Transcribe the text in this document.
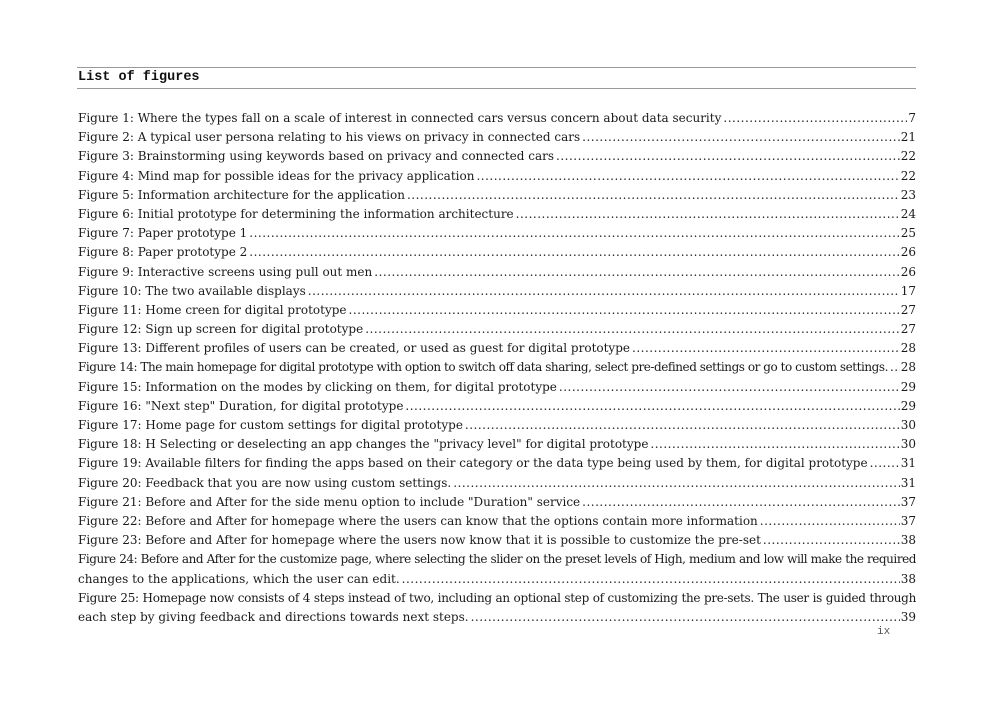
List of figures
Figure 1: Where the types fall on a scale of interest in connected cars versus concern about data security .....	7
Figure 2: A typical user persona relating to his views on privacy in connected cars .....	21
Figure 3: Brainstorming using keywords based on privacy and connected cars .....	22
Figure 4: Mind map for possible ideas for the privacy application .....	22
Figure 5: Information architecture for the application .....	23
Figure 6: Initial prototype for determining the information architecture .....	24
Figure 7: Paper prototype 1 .....	25
Figure 8: Paper prototype 2 .....	26
Figure 9: Interactive screens using pull out men .....	26
Figure 10: The two available displays .....	17
Figure 11: Home creen for digital prototype .....	27
Figure 12: Sign up screen for digital prototype .....	27
Figure 13: Different profiles of users can be created, or used as guest for digital prototype .....	28
Figure 14: The main homepage for digital prototype with option to switch off data sharing, select pre-defined settings or go to custom settings. ..... 28
Figure 15: Information on the modes by clicking on them, for digital prototype .....	29
Figure 16: "Next step" Duration, for digital prototype .....	29
Figure 17: Home page for custom settings for digital prototype .....	30
Figure 18: H Selecting or deselecting an app changes the "privacy level" for digital prototype .....	30
Figure 19: Available filters for finding the apps based on their category or the data type being used by them, for digital prototype .....	31
Figure 20: Feedback that you are now using custom settings. .....	31
Figure 21: Before and After for the side menu option to include "Duration" service .....	37
Figure 22: Before and After for homepage where the users can know that the options contain more information .....	37
Figure 23: Before and After for homepage where the users now know that it is possible to customize the pre-set .....	38
Figure 24: Before and After for the customize page, where selecting the slider on the preset levels of High, medium and low will make the required
changes to the applications, which the user can edit. .....	38
Figure 25: Homepage now consists of 4 steps instead of two, including an optional step of customizing the pre-sets. The user is guided through
each step by giving feedback and directions towards next steps. .....	39
ix
